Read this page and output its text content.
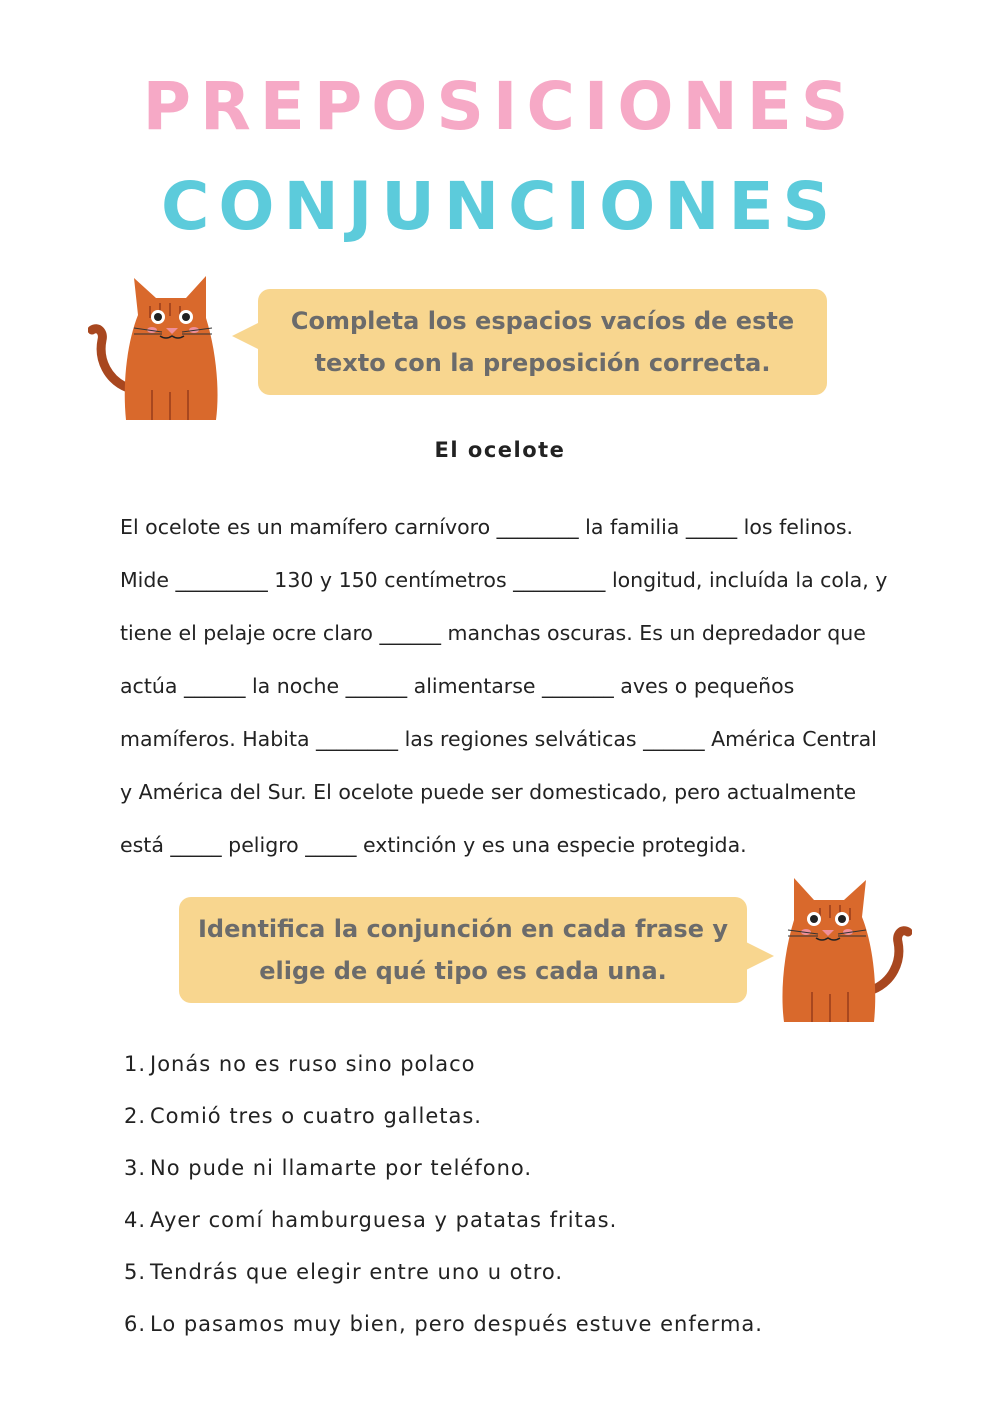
PREPOSICIONES
CONJUNCIONES
Completa los espacios vacíos de este texto con la preposición correcta.
El ocelote
El ocelote es un mamífero carnívoro ________ la familia _____ los felinos.
Mide _________ 130 y 150 centímetros _________ longitud, incluída la cola, y
tiene el pelaje ocre claro ______ manchas oscuras. Es un depredador que
actúa ______ la noche ______ alimentarse _______ aves o pequeños
mamíferos. Habita ________ las regiones selváticas ______ América Central
y América del Sur. El ocelote puede ser domesticado, pero actualmente
está _____ peligro _____ extinción y es una especie protegida.
Identifica la conjunción en cada frase y elige de qué tipo es cada una.
1. Jonás no es ruso sino polaco
2. Comió tres o cuatro galletas.
3. No pude ni llamarte por teléfono.
4. Ayer comí hamburguesa y patatas fritas.
5. Tendrás que elegir entre uno u otro.
6. Lo pasamos muy bien, pero después estuve enferma.
